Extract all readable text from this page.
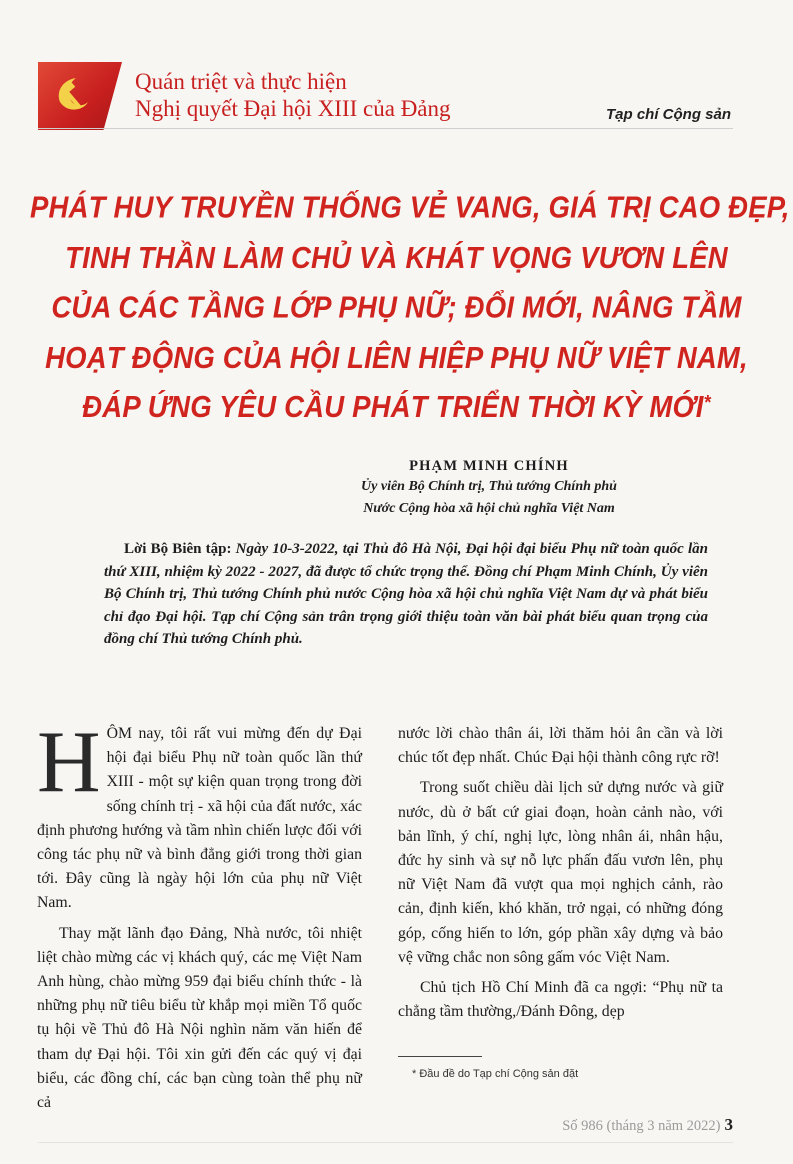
Quán triệt và thực hiện
Nghị quyết Đại hội XIII của Đảng	Tạp chí Cộng sản
PHÁT HUY TRUYỀN THỐNG VẺ VANG, GIÁ TRỊ CAO ĐẸP,
TINH THẦN LÀM CHỦ VÀ KHÁT VỌNG VƯƠN LÊN
CỦA CÁC TẦNG LỚP PHỤ NỮ; ĐỔI MỚI, NÂNG TẦM
HOẠT ĐỘNG CỦA HỘI LIÊN HIỆP PHỤ NỮ VIỆT NAM,
ĐÁP ỨNG YÊU CẦU PHÁT TRIỂN THỜI KỲ MỚI*
PHẠM MINH CHÍNH
Ủy viên Bộ Chính trị, Thủ tướng Chính phủ
Nước Cộng hòa xã hội chủ nghĩa Việt Nam
Lời Bộ Biên tập: Ngày 10-3-2022, tại Thủ đô Hà Nội, Đại hội đại biểu Phụ nữ toàn quốc lần thứ XIII, nhiệm kỳ 2022 - 2027, đã được tổ chức trọng thể. Đồng chí Phạm Minh Chính, Ủy viên Bộ Chính trị, Thủ tướng Chính phủ nước Cộng hòa xã hội chủ nghĩa Việt Nam dự và phát biểu chỉ đạo Đại hội. Tạp chí Cộng sản trân trọng giới thiệu toàn văn bài phát biểu quan trọng của đồng chí Thủ tướng Chính phủ.

HÔM nay, tôi rất vui mừng đến dự Đại hội đại biểu Phụ nữ toàn quốc lần thứ XIII - một sự kiện quan trọng trong đời sống chính trị - xã hội của đất nước, xác định phương hướng và tầm nhìn chiến lược đối với công tác phụ nữ và bình đẳng giới trong thời gian tới. Đây cũng là ngày hội lớn của phụ nữ Việt Nam.

Thay mặt lãnh đạo Đảng, Nhà nước, tôi nhiệt liệt chào mừng các vị khách quý, các mẹ Việt Nam Anh hùng, chào mừng 959 đại biểu chính thức - là những phụ nữ tiêu biểu từ khắp mọi miền Tổ quốc tụ hội về Thủ đô Hà Nội nghìn năm văn hiến để tham dự Đại hội. Tôi xin gửi đến các quý vị đại biểu, các đồng chí, các bạn cùng toàn thể phụ nữ cả

nước lời chào thân ái, lời thăm hỏi ân cần và lời chúc tốt đẹp nhất. Chúc Đại hội thành công rực rỡ!

Trong suốt chiều dài lịch sử dựng nước và giữ nước, dù ở bất cứ giai đoạn, hoàn cảnh nào, với bản lĩnh, ý chí, nghị lực, lòng nhân ái, nhân hậu, đức hy sinh và sự nỗ lực phấn đấu vươn lên, phụ nữ Việt Nam đã vượt qua mọi nghịch cảnh, rào cản, định kiến, khó khăn, trở ngại, có những đóng góp, cống hiến to lớn, góp phần xây dựng và bảo vệ vững chắc non sông gấm vóc Việt Nam.

Chủ tịch Hồ Chí Minh đã ca ngợi: “Phụ nữ ta chẳng tầm thường,/Đánh Đông, dẹp

* Đầu đề do Tạp chí Cộng sản đặt
Số 986 (tháng 3 năm 2022) 3
